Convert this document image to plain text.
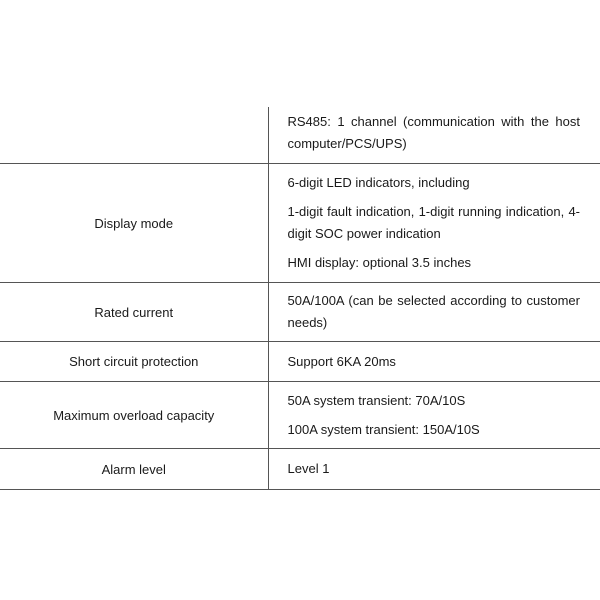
	RS485: 1 channel (communication with the host computer/PCS/UPS)

Display mode	6-digit LED indicators, including

1-digit fault indication, 1-digit running indication, 4-digit SOC power indication

HMI display: optional 3.5 inches

Rated current	50A/100A (can be selected according to customer needs)

Short circuit protection	Support 6KA 20ms

Maximum overload capacity	50A system transient: 70A/10S

100A system transient: 150A/10S

Alarm level	Level 1
